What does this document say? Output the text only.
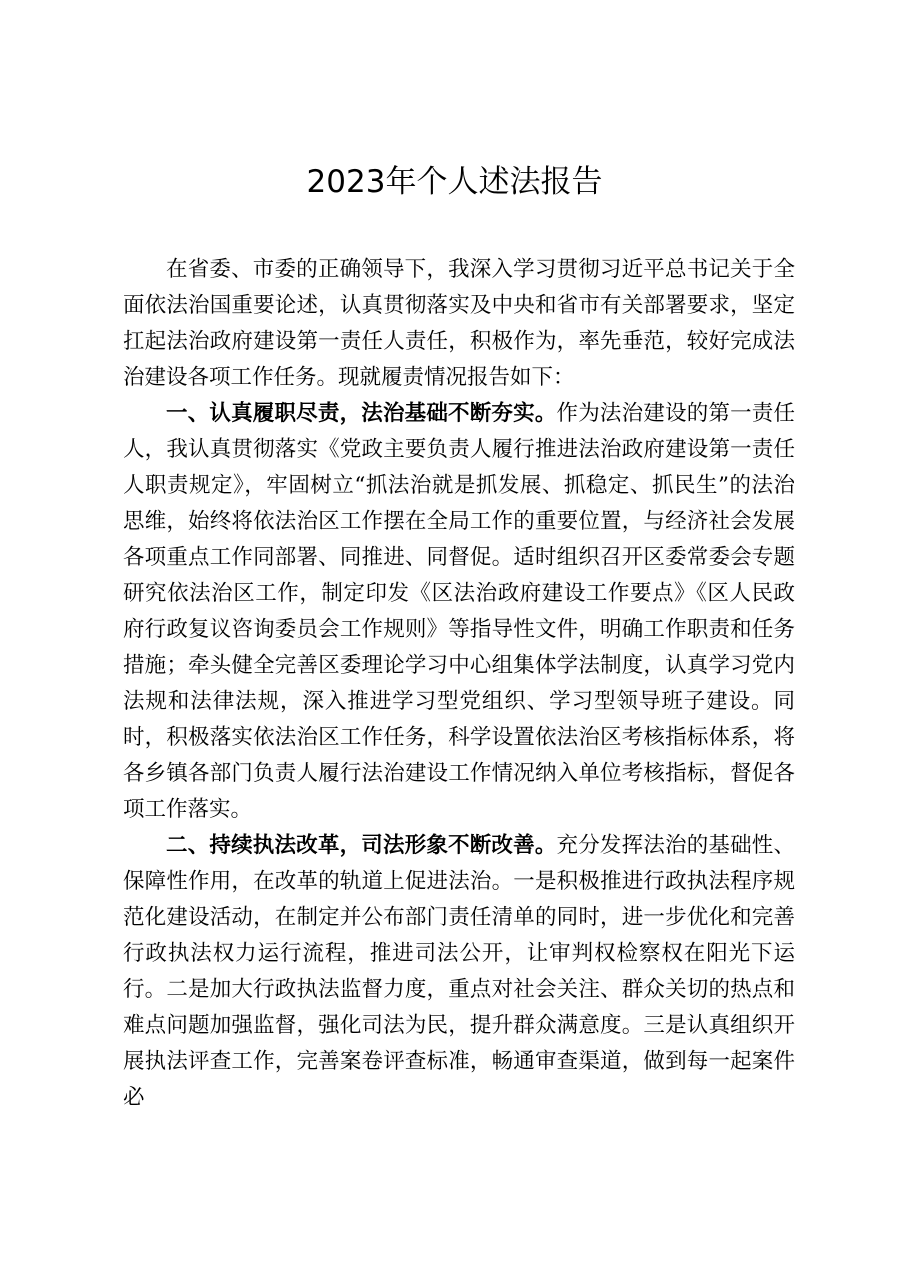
2023年个人述法报告

在省委、市委的正确领导下，我深入学习贯彻习近平总书记关于全面依法治国重要论述，认真贯彻落实及中央和省市有关部署要求，坚定扛起法治政府建设第一责任人责任，积极作为，率先垂范，较好完成法治建设各项工作任务。现就履责情况报告如下：

一、认真履职尽责，法治基础不断夯实。作为法治建设的第一责任人，我认真贯彻落实《党政主要负责人履行推进法治政府建设第一责任人职责规定》，牢固树立“抓法治就是抓发展、抓稳定、抓民生”的法治思维，始终将依法治区工作摆在全局工作的重要位置，与经济社会发展各项重点工作同部署、同推进、同督促。适时组织召开区委常委会专题研究依法治区工作，制定印发《区法治政府建设工作要点》《区人民政府行政复议咨询委员会工作规则》等指导性文件，明确工作职责和任务措施；牵头健全完善区委理论学习中心组集体学法制度，认真学习党内法规和法律法规，深入推进学习型党组织、学习型领导班子建设。同时，积极落实依法治区工作任务，科学设置依法治区考核指标体系，将各乡镇各部门负责人履行法治建设工作情况纳入单位考核指标，督促各项工作落实。

二、持续执法改革，司法形象不断改善。充分发挥法治的基础性、保障性作用，在改革的轨道上促进法治。一是积极推进行政执法程序规范化建设活动，在制定并公布部门责任清单的同时，进一步优化和完善行政执法权力运行流程，推进司法公开，让审判权检察权在阳光下运行。二是加大行政执法监督力度，重点对社会关注、群众关切的热点和难点问题加强监督，强化司法为民，提升群众满意度。三是认真组织开展执法评查工作，完善案卷评查标准，畅通审查渠道，做到每一起案件必
